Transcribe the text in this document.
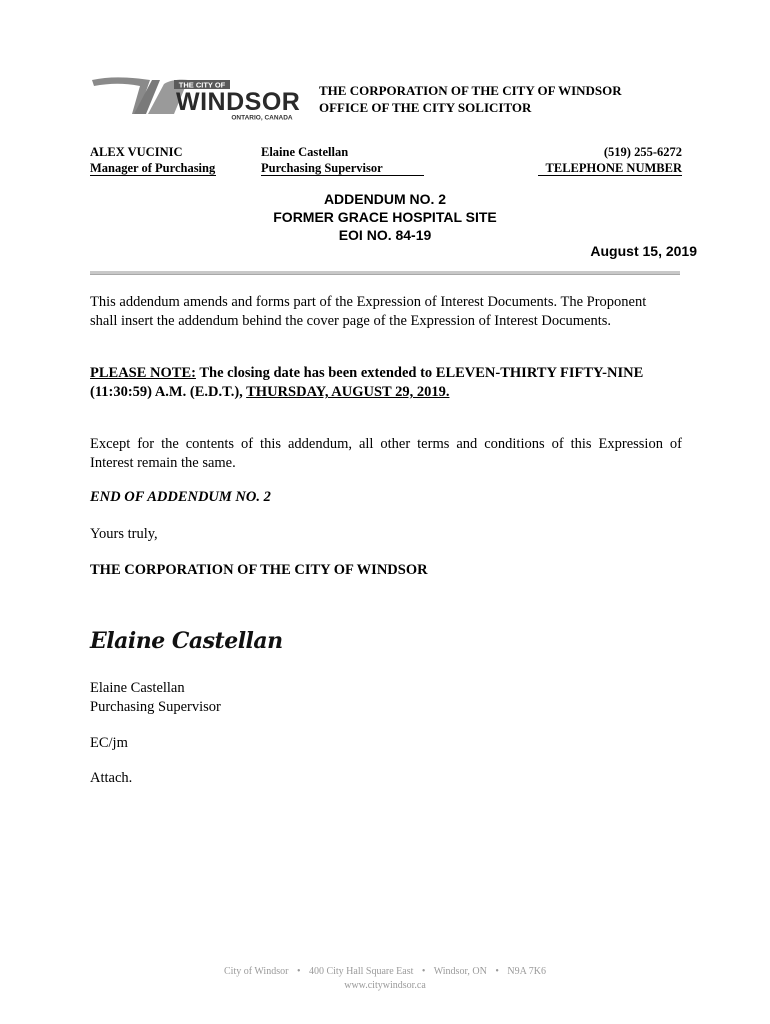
THE CITY OF
WINDSOR
ONTARIO, CANADA
THE CORPORATION OF THE CITY OF WINDSOR
OFFICE OF THE CITY SOLICITOR
ALEX VUCINIC
Manager of Purchasing
Elaine Castellan
Purchasing Supervisor
(519) 255-6272
TELEPHONE NUMBER
ADDENDUM NO. 2
FORMER GRACE HOSPITAL SITE
EOI NO. 84-19
August 15, 2019
This addendum amends and forms part of the Expression of Interest Documents. The Proponent
shall insert the addendum behind the cover page of the Expression of Interest Documents.
PLEASE NOTE: The closing date has been extended to ELEVEN-THIRTY FIFTY-NINE
(11:30:59) A.M. (E.D.T.), THURSDAY, AUGUST 29, 2019.
Except for the contents of this addendum, all other terms and conditions of this Expression of
Interest remain the same.
END OF ADDENDUM NO. 2
Yours truly,
THE CORPORATION OF THE CITY OF WINDSOR
Elaine Castellan
Elaine Castellan
Purchasing Supervisor
EC/jm
Attach.
City of Windsor • 400 City Hall Square East • Windsor, ON • N9A 7K6
www.citywindsor.ca
